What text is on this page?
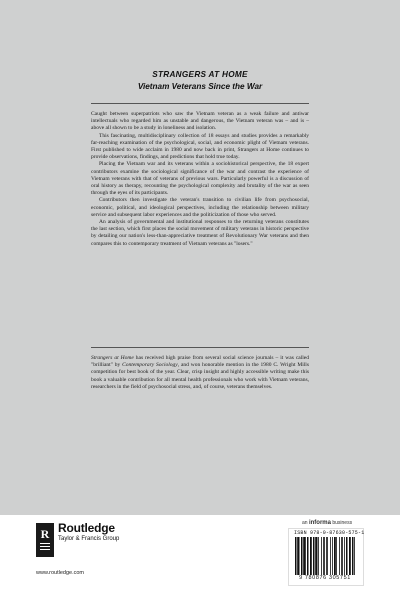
STRANGERS AT HOME

Vietnam Veterans Since the War

Caught between superpatriots who saw the Vietnam veteran as a weak failure and antiwar intellectuals who regarded him as unstable and dangerous, the Vietnam veteran was – and is – above all shown to be a study in loneliness and isolation.

This fascinating, multidisciplinary collection of 18 essays and studies provides a remarkably far-reaching examination of the psychological, social, and economic plight of Vietnam veterans. First published to wide acclaim in 1980 and now back in print, Strangers at Home continues to provide observations, findings, and predictions that hold true today.

Placing the Vietnam war and its veterans within a sociohistorical perspective, the 18 expert contributors examine the sociological significance of the war and contrast the experience of Vietnam veterans with that of veterans of previous wars. Particularly powerful is a discussion of oral history as therapy, recounting the psychological complexity and brutality of the war as seen through the eyes of its participants.

Contributors then investigate the veteran's transition to civilian life from psychosocial, economic, political, and ideological perspectives, including the relationship between military service and subsequent labor experiences and the politicization of those who served.

An analysis of governmental and institutional responses to the returning veterans constitutes the last section, which first places the social movement of military veterans in historic perspective by detailing our nation's less-than-appreciative treatment of Revolutionary War veterans and then compares this to contemporary treatment of Vietnam veterans as "losers."

Strangers at Home has received high praise from several social science journals – it was called "brilliant" by Contemporary Sociology, and won honorable mention in the 1980 C. Wright Mills competition for best book of the year. Clear, crisp insight and highly accessible writing make this book a valuable contribution for all mental health professionals who work with Vietnam veterans, researchers in the field of psychosocial stress, and, of course, veterans themselves.

R Routledge
Taylor & Francis Group
www.routledge.com
an informa business
ISBN 978-0-87630-575-1
9 780876 305751
